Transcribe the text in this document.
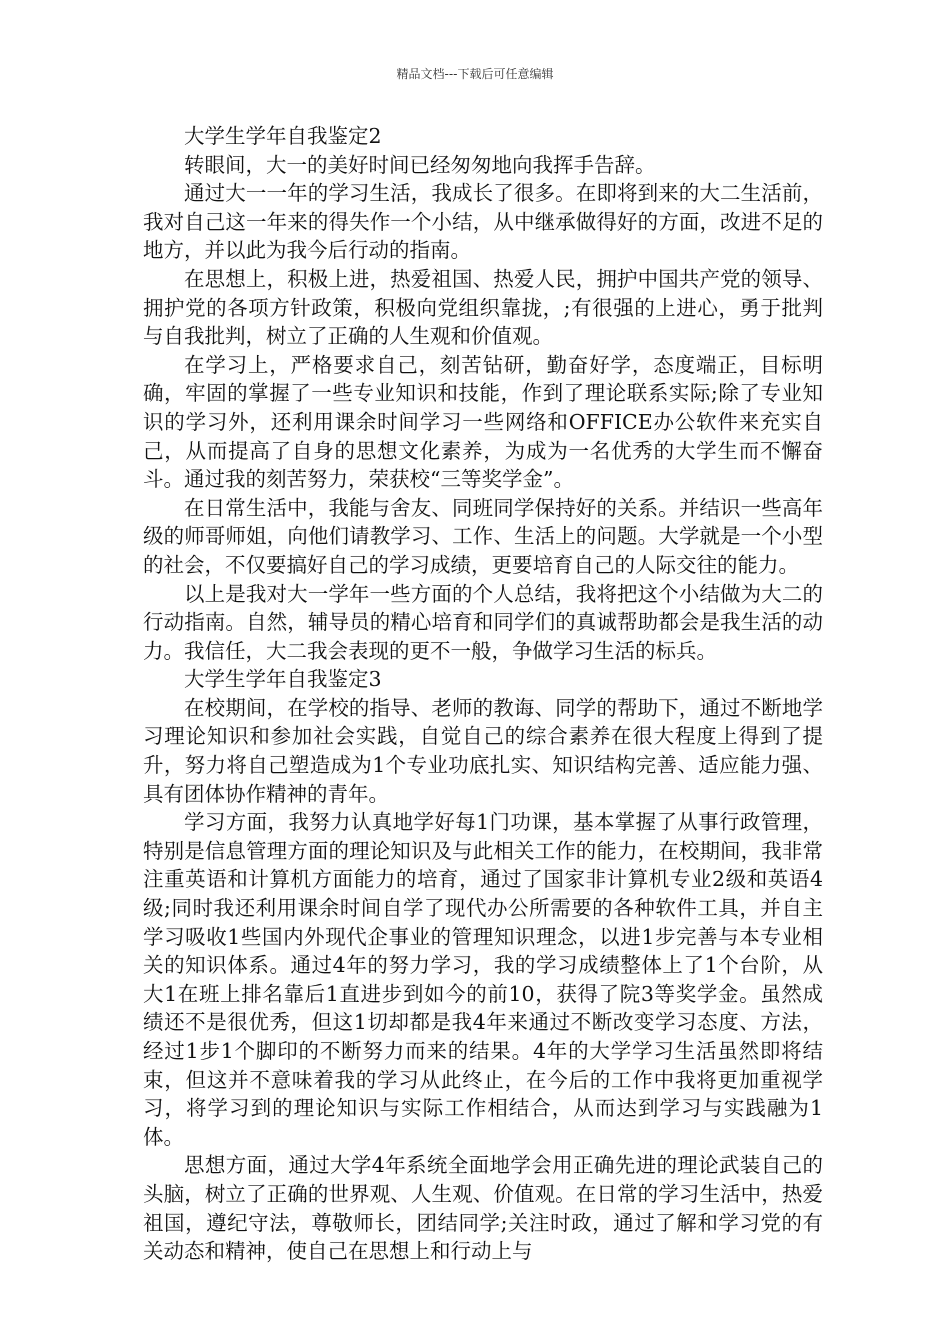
精品文档---下载后可任意编辑

大学生学年自我鉴定2

转眼间，大一的美好时间已经匆匆地向我挥手告辞。

通过大一一年的学习生活，我成长了很多。在即将到来的大二生活前，我对自己这一年来的得失作一个小结，从中继承做得好的方面，改进不足的地方，并以此为我今后行动的指南。

在思想上，积极上进，热爱祖国、热爱人民，拥护中国共产党的领导、拥护党的各项方针政策，积极向党组织靠拢，;有很强的上进心，勇于批判与自我批判，树立了正确的人生观和价值观。

在学习上，严格要求自己，刻苦钻研，勤奋好学，态度端正，目标明确，牢固的掌握了一些专业知识和技能，作到了理论联系实际;除了专业知识的学习外，还利用课余时间学习一些网络和OFFICE办公软件来充实自己，从而提高了自身的思想文化素养，为成为一名优秀的大学生而不懈奋斗。通过我的刻苦努力，荣获校“三等奖学金”。

在日常生活中，我能与舍友、同班同学保持好的关系。并结识一些高年级的师哥师姐，向他们请教学习、工作、生活上的问题。大学就是一个小型的社会，不仅要搞好自己的学习成绩，更要培育自己的人际交往的能力。

以上是我对大一学年一些方面的个人总结，我将把这个小结做为大二的行动指南。自然，辅导员的精心培育和同学们的真诚帮助都会是我生活的动力。我信任，大二我会表现的更不一般，争做学习生活的标兵。

大学生学年自我鉴定3

在校期间，在学校的指导、老师的教诲、同学的帮助下，通过不断地学习理论知识和参加社会实践，自觉自己的综合素养在很大程度上得到了提升，努力将自己塑造成为1个专业功底扎实、知识结构完善、适应能力强、具有团体协作精神的青年。

学习方面，我努力认真地学好每1门功课，基本掌握了从事行政管理，特别是信息管理方面的理论知识及与此相关工作的能力，在校期间，我非常注重英语和计算机方面能力的培育，通过了国家非计算机专业2级和英语4级;同时我还利用课余时间自学了现代办公所需要的各种软件工具，并自主学习吸收1些国内外现代企事业的管理知识理念，以进1步完善与本专业相关的知识体系。通过4年的努力学习，我的学习成绩整体上了1个台阶，从大1在班上排名靠后1直进步到如今的前10，获得了院3等奖学金。虽然成绩还不是很优秀，但这1切却都是我4年来通过不断改变学习态度、方法，经过1步1个脚印的不断努力而来的结果。4年的大学学习生活虽然即将结束，但这并不意味着我的学习从此终止，在今后的工作中我将更加重视学习，将学习到的理论知识与实际工作相结合，从而达到学习与实践融为1体。

思想方面，通过大学4年系统全面地学会用正确先进的理论武装自己的头脑，树立了正确的世界观、人生观、价值观。在日常的学习生活中，热爱祖国，遵纪守法，尊敬师长，团结同学;关注时政，通过了解和学习党的有关动态和精神，使自己在思想上和行动上与
